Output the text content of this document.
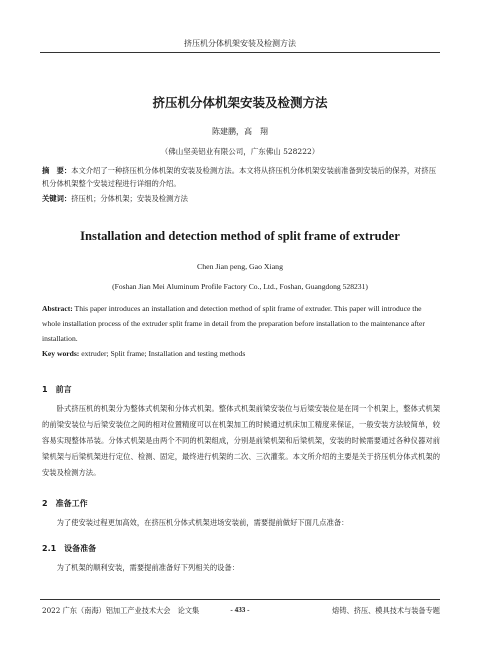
挤压机分体机架安装及检测方法
挤压机分体机架安装及检测方法
陈建鹏，高　翔
（佛山坚美铝业有限公司，广东佛山 528222）
摘　要：本文介绍了一种挤压机分体机架的安装及检测方法。本文将从挤压机分体机架安装前准备到安装后的保养，对挤压机分体机架整个安装过程进行详细的介绍。
关键词：挤压机；分体机架；安装及检测方法
Installation and detection method of split frame of extruder
Chen Jian peng, Gao Xiang
(Foshan Jian Mei Aluminum Profile Factory Co., Ltd., Foshan, Guangdong 528231)
Abstract: This paper introduces an installation and detection method of split frame of extruder. This paper will introduce the whole installation process of the extruder split frame in detail from the preparation before installation to the maintenance after installation.
Key words: extruder; Split frame; Installation and testing methods
1　前言
卧式挤压机的机架分为整体式机架和分体式机架。整体式机架前梁安装位与后梁安装位是在同一个机架上，整体式机架的前梁安装位与后梁安装位之间的相对位置精度可以在机架加工的时候通过机床加工精度来保证，一般安装方法较简单，较容易实现整体吊装。分体式机架是由两个不同的机架组成，分别是前梁机架和后梁机架，安装的时候需要通过各种仪器对前梁机架与后梁机架进行定位、检测、固定，最终进行机架的二次、三次灌浆。本文所介绍的主要是关于挤压机分体式机架的安装及检测方法。
2　准备工作
为了使安装过程更加高效，在挤压机分体式机架进场安装前，需要提前做好下面几点准备：
2.1　设备准备
为了机架的顺利安装，需要提前准备好下列相关的设备：
2022 广东（南海）铝加工产业技术大会　论文集	- 433 -	熔铸、挤压、模具技术与装备专题
